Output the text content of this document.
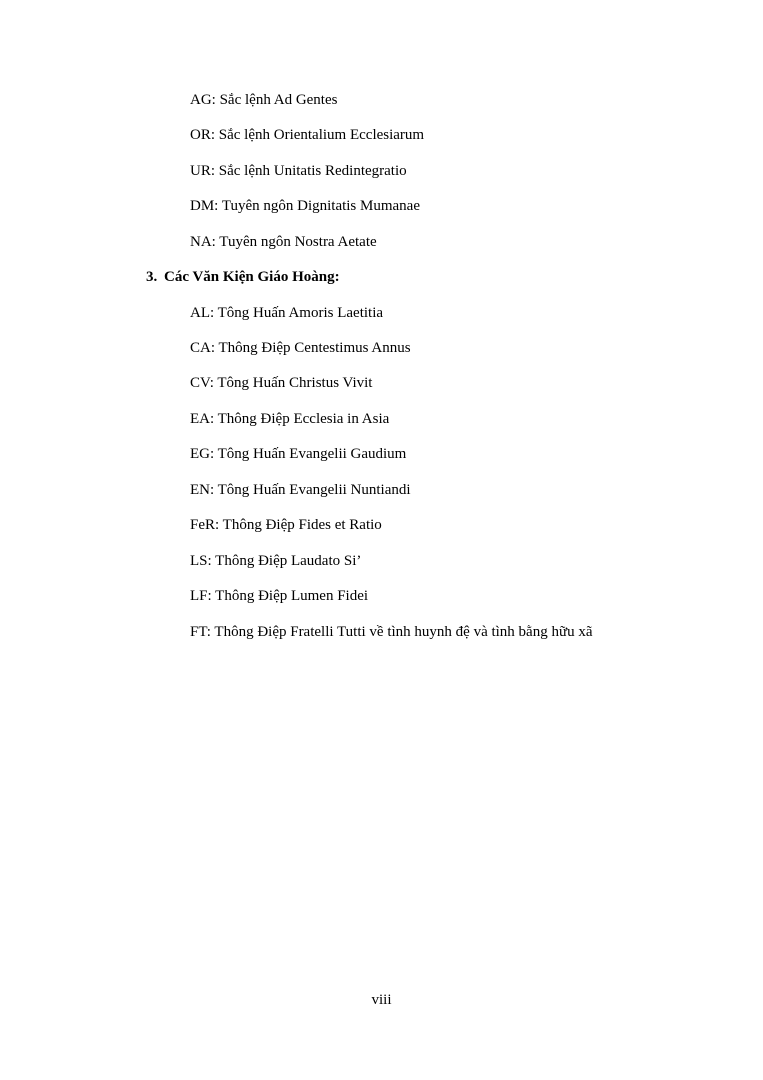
AG: Sắc lệnh Ad Gentes
OR: Sắc lệnh Orientalium Ecclesiarum
UR: Sắc lệnh Unitatis Redintegratio
DM: Tuyên ngôn Dignitatis Mumanae
NA: Tuyên ngôn Nostra Aetate
3. Các Văn Kiện Giáo Hoàng:
AL: Tông Huấn Amoris Laetitia
CA: Thông Điệp Centestimus Annus
CV: Tông Huấn Christus Vivit
EA: Thông Điệp Ecclesia in Asia
EG: Tông Huấn Evangelii Gaudium
EN: Tông Huấn Evangelii Nuntiandi
FeR: Thông Điệp Fides et Ratio
LS: Thông Điệp Laudato Si’
LF: Thông Điệp Lumen Fidei
FT: Thông Điệp Fratelli Tutti về tình huynh đệ và tình bằng hữu xã
viii
